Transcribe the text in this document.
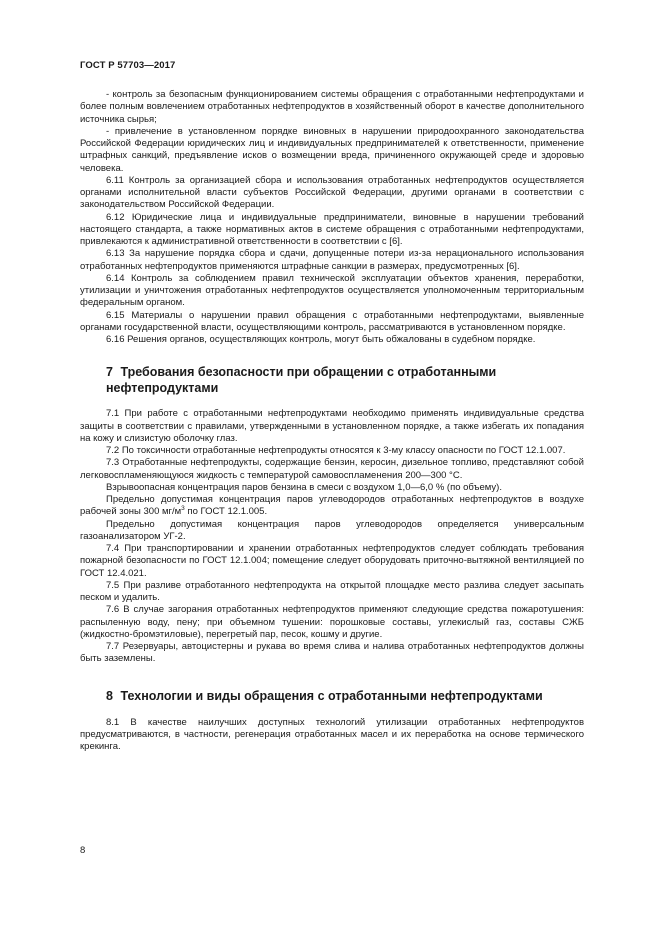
ГОСТ Р 57703—2017

- контроль за безопасным функционированием системы обращения с отработанными нефтепродуктами и более полным вовлечением отработанных нефтепродуктов в хозяйственный оборот в качестве дополнительного источника сырья;

- привлечение в установленном порядке виновных в нарушении природоохранного законодательства Российской Федерации юридических лиц и индивидуальных предпринимателей к ответственности, применение штрафных санкций, предъявление исков о возмещении вреда, причиненного окружающей среде и здоровью человека.

6.11 Контроль за организацией сбора и использования отработанных нефтепродуктов осуществляется органами исполнительной власти субъектов Российской Федерации, другими органами в соответствии с законодательством Российской Федерации.

6.12 Юридические лица и индивидуальные предприниматели, виновные в нарушении требований настоящего стандарта, а также нормативных актов в системе обращения с отработанными нефтепродуктами, привлекаются к административной ответственности в соответствии с [6].

6.13 За нарушение порядка сбора и сдачи, допущенные потери из-за нерационального использования отработанных нефтепродуктов применяются штрафные санкции в размерах, предусмотренных [6].

6.14 Контроль за соблюдением правил технической эксплуатации объектов хранения, переработки, утилизации и уничтожения отработанных нефтепродуктов осуществляется уполномоченным территориальным федеральным органом.

6.15 Материалы о нарушении правил обращения с отработанными нефтепродуктами, выявленные органами государственной власти, осуществляющими контроль, рассматриваются в установленном порядке.

6.16 Решения органов, осуществляющих контроль, могут быть обжалованы в судебном порядке.

7 Требования безопасности при обращении с отработанными
нефтепродуктами

7.1 При работе с отработанными нефтепродуктами необходимо применять индивидуальные средства защиты в соответствии с правилами, утвержденными в установленном порядке, а также избегать их попадания на кожу и слизистую оболочку глаз.

7.2 По токсичности отработанные нефтепродукты относятся к 3-му классу опасности по ГОСТ 12.1.007.

7.3 Отработанные нефтепродукты, содержащие бензин, керосин, дизельное топливо, представляют собой легковоспламеняющуюся жидкость с температурой самовоспламенения 200—300 °С.

Взрывоопасная концентрация паров бензина в смеси с воздухом 1,0—6,0 % (по объему).

Предельно допустимая концентрация паров углеводородов отработанных нефтепродуктов в воздухе рабочей зоны 300 $мг/м^3$ по ГОСТ 12.1.005.

Предельно допустимая концентрация паров углеводородов определяется универсальным газоанализатором УГ-2.

7.4 При транспортировании и хранении отработанных нефтепродуктов следует соблюдать требования пожарной безопасности по ГОСТ 12.1.004; помещение следует оборудовать приточно-вытяжной вентиляцией по ГОСТ 12.4.021.

7.5 При разливе отработанного нефтепродукта на открытой площадке место разлива следует засыпать песком и удалить.

7.6 В случае загорания отработанных нефтепродуктов применяют следующие средства пожаротушения: распыленную воду, пену; при объемном тушении: порошковые составы, углекислый газ, составы СЖБ (жидкостно-бромэтиловые), перегретый пар, песок, кошму и другие.

7.7 Резервуары, автоцистерны и рукава во время слива и налива отработанных нефтепродуктов должны быть заземлены.

8 Технологии и виды обращения с отработанными нефтепродуктами

8.1 В качестве наилучших доступных технологий утилизации отработанных нефтепродуктов предусматриваются, в частности, регенерация отработанных масел и их переработка на основе термического крекинга.

8
